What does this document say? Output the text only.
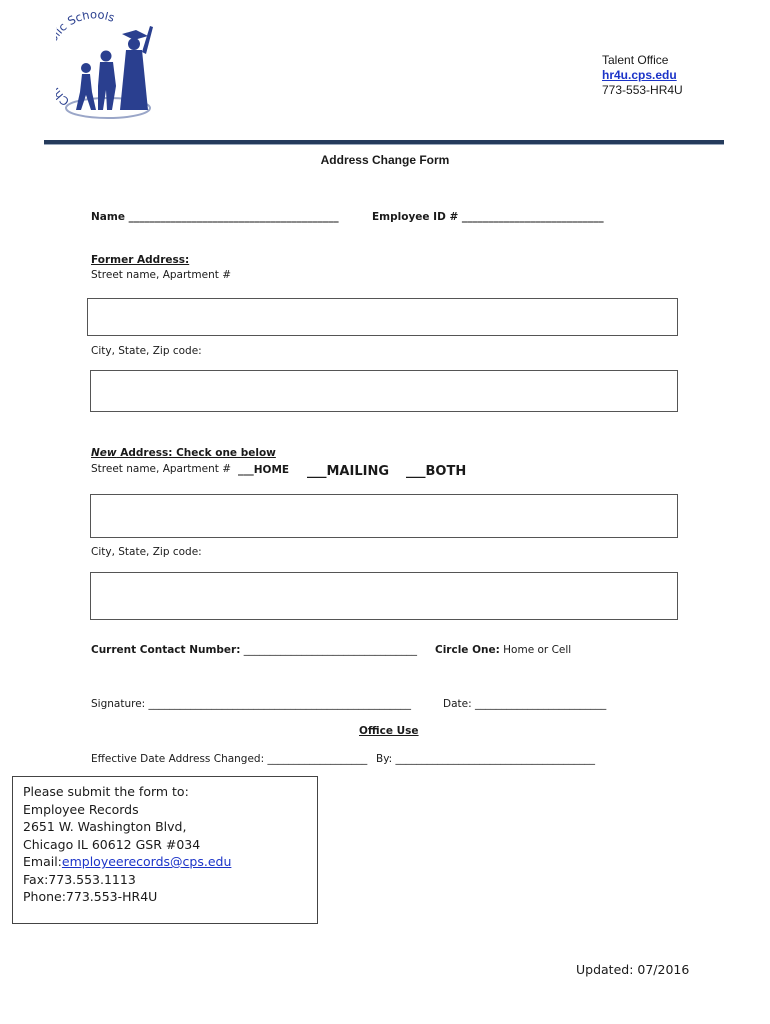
C c Schools
Talent Office
hr4u.cps.edu
773-553-HR4U
Address Change Form
Name ________________________________________	Employee ID # ___________________________
Former Address:
Street name, Apartment #
City, State, Zip code:
New Address: Check one below
Street name, Apartment # ___HOME ___MAILING ___BOTH
City, State, Zip code:
Current Contact Number: _________________________________ Circle One: Home or Cell
Signature: __________________________________________________	Date: _________________________
Office Use
Effective Date Address Changed: ___________________ By: ______________________________________
Please submit the form to:
Employee Records
2651 W. Washington Blvd,
Chicago IL 60612 GSR #034
Email:employeerecords@cps.edu
Fax:773.553.1113
Phone:773.553-HR4U
Updated: 07/2016
